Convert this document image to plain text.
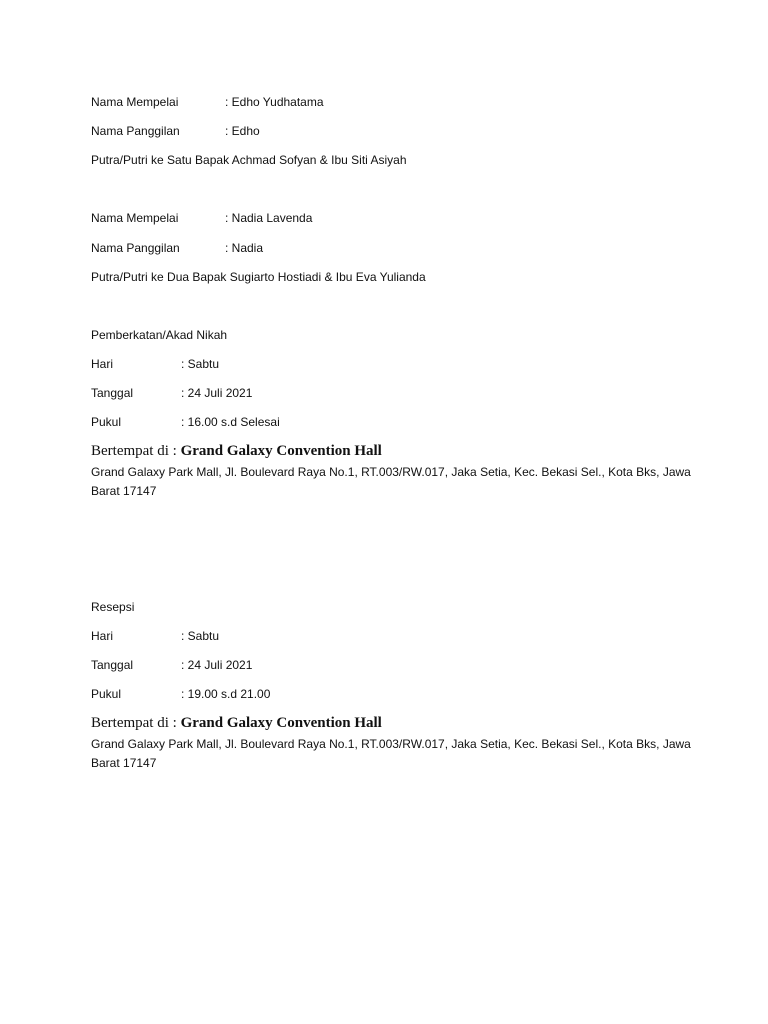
Nama Mempelai	: Edho Yudhatama
Nama Panggilan	: Edho
Putra/Putri ke Satu Bapak Achmad Sofyan & Ibu Siti Asiyah
Nama Mempelai	: Nadia Lavenda
Nama Panggilan	: Nadia
Putra/Putri ke Dua Bapak Sugiarto Hostiadi & Ibu Eva Yulianda
Pemberkatan/Akad Nikah
Hari	: Sabtu
Tanggal	: 24 Juli 2021
Pukul	: 16.00 s.d Selesai
Bertempat di : Grand Galaxy Convention Hall
Grand Galaxy Park Mall, Jl. Boulevard Raya No.1, RT.003/RW.017, Jaka Setia, Kec. Bekasi Sel., Kota Bks, Jawa Barat 17147
Resepsi
Hari	: Sabtu
Tanggal	: 24 Juli 2021
Pukul	: 19.00 s.d 21.00
Bertempat di : Grand Galaxy Convention Hall
Grand Galaxy Park Mall, Jl. Boulevard Raya No.1, RT.003/RW.017, Jaka Setia, Kec. Bekasi Sel., Kota Bks, Jawa Barat 17147
